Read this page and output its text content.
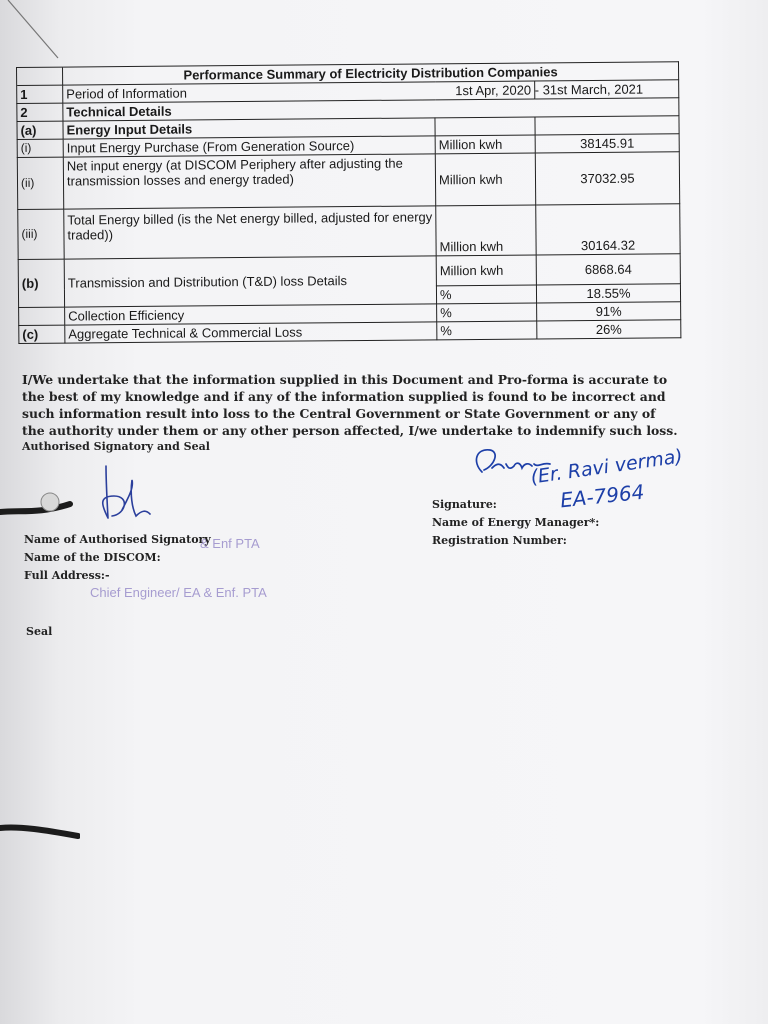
	Performance Summary of Electricity Distribution Companies		
1	Period of Information		1st Apr, 2020 - 31st March, 2021
2	Technical Details		
(a)	Energy Input Details		
(i)	Input Energy Purchase (From Generation Source)	Million kwh	38145.91
(ii)	Net input energy (at DISCOM Periphery after adjusting the transmission losses and energy traded)	Million kwh	37032.95
(iii)	Total Energy billed (is the Net energy billed, adjusted for energy traded))	Million kwh	30164.32
(b)	Transmission and Distribution (T&D) loss Details	Million kwh	6868.64
		%	18.55%
	Collection Efficiency	%	91%
(c)	Aggregate Technical & Commercial Loss	%	26%
I/We undertake that the information supplied in this Document and Pro-forma is accurate to the best of my knowledge and if any of the information supplied is found to be incorrect and such information result into loss to the Central Government or State Government or any of the authority under them or any other person affected, I/we undertake to indemnify such loss.
Authorised Signatory and Seal
& Enf PTA
Name of Authorised Signatory
Name of the DISCOM:
Full Address:-
Chief Engineer/ EA & Enf. PTA
Seal
(Er. Ravi verma)
EA-7964
Signature:
Name of Energy Manager*:
Registration Number:
